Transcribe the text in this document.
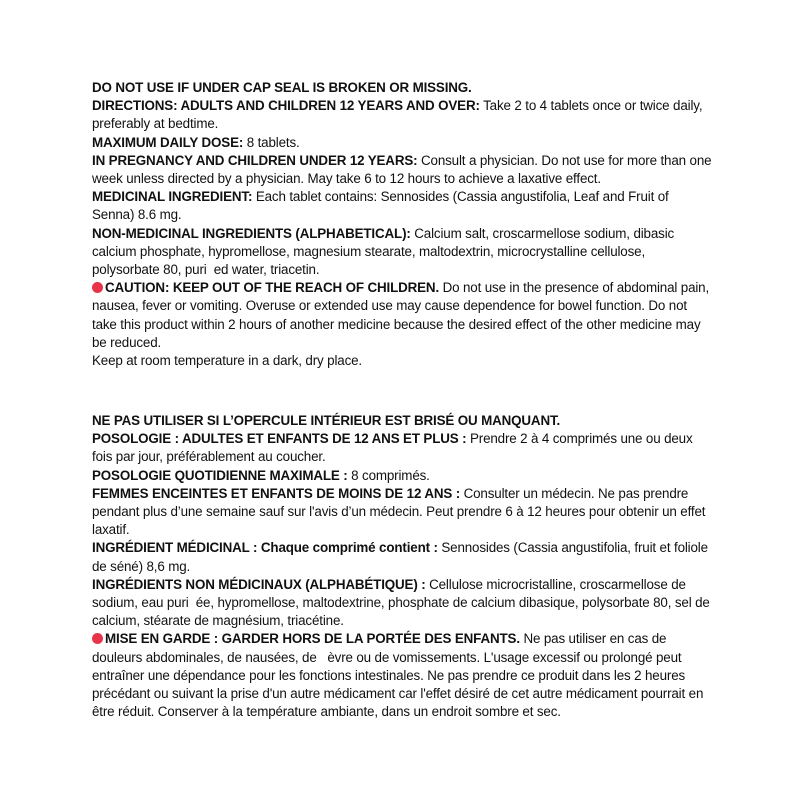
DO NOT USE IF UNDER CAP SEAL IS BROKEN OR MISSING.

DIRECTIONS: ADULTS AND CHILDREN 12 YEARS AND OVER: Take 2 to 4 tablets once or twice daily, preferably at bedtime.

MAXIMUM DAILY DOSE: 8 tablets.

IN PREGNANCY AND CHILDREN UNDER 12 YEARS: Consult a physician. Do not use for more than one week unless directed by a physician. May take 6 to 12 hours to achieve a laxative effect.

MEDICINAL INGREDIENT: Each tablet contains: Sennosides (Cassia angustifolia, Leaf and Fruit of Senna) 8.6 mg.

NON-MEDICINAL INGREDIENTS (ALPHABETICAL): Calcium salt, croscarmellose sodium, dibasic calcium phosphate, hypromellose, magnesium stearate, maltodextrin, microcrystalline cellulose, polysorbate 80, puri  ed water, triacetin.

CAUTION: KEEP OUT OF THE REACH OF CHILDREN. Do not use in the presence of abdominal pain, nausea, fever or vomiting. Overuse or extended use may cause dependence for bowel function. Do not take this product within 2 hours of another medicine because the desired effect of the other medicine may be reduced.

Keep at room temperature in a dark, dry place.

NE PAS UTILISER SI L’OPERCULE INTÉRIEUR EST BRISÉ OU MANQUANT.

POSOLOGIE : ADULTES ET ENFANTS DE 12 ANS ET PLUS : Prendre 2 à 4 comprimés une ou deux fois par jour, préférablement au coucher.

POSOLOGIE QUOTIDIENNE MAXIMALE : 8 comprimés.

FEMMES ENCEINTES ET ENFANTS DE MOINS DE 12 ANS : Consulter un médecin. Ne pas prendre pendant plus d’une semaine sauf sur l'avis d’un médecin. Peut prendre 6 à 12 heures pour obtenir un effet laxatif.

INGRÉDIENT MÉDICINAL : Chaque comprimé contient : Sennosides (Cassia angustifolia, fruit et foliole de séné) 8,6 mg.

INGRÉDIENTS NON MÉDICINAUX (ALPHABÉTIQUE) : Cellulose microcristalline, croscarmellose de sodium, eau puri  ée, hypromellose, maltodextrine, phosphate de calcium dibasique, polysorbate 80, sel de calcium, stéarate de magnésium, triacétine.

MISE EN GARDE : GARDER HORS DE LA PORTÉE DES ENFANTS. Ne pas utiliser en cas de douleurs abdominales, de nausées, de   èvre ou de vomissements. L'usage excessif ou prolongé peut entraîner une dépendance pour les fonctions intestinales. Ne pas prendre ce produit dans les 2 heures précédant ou suivant la prise d'un autre médicament car l'effet désiré de cet autre médicament pourrait en être réduit. Conserver à la température ambiante, dans un endroit sombre et sec.
